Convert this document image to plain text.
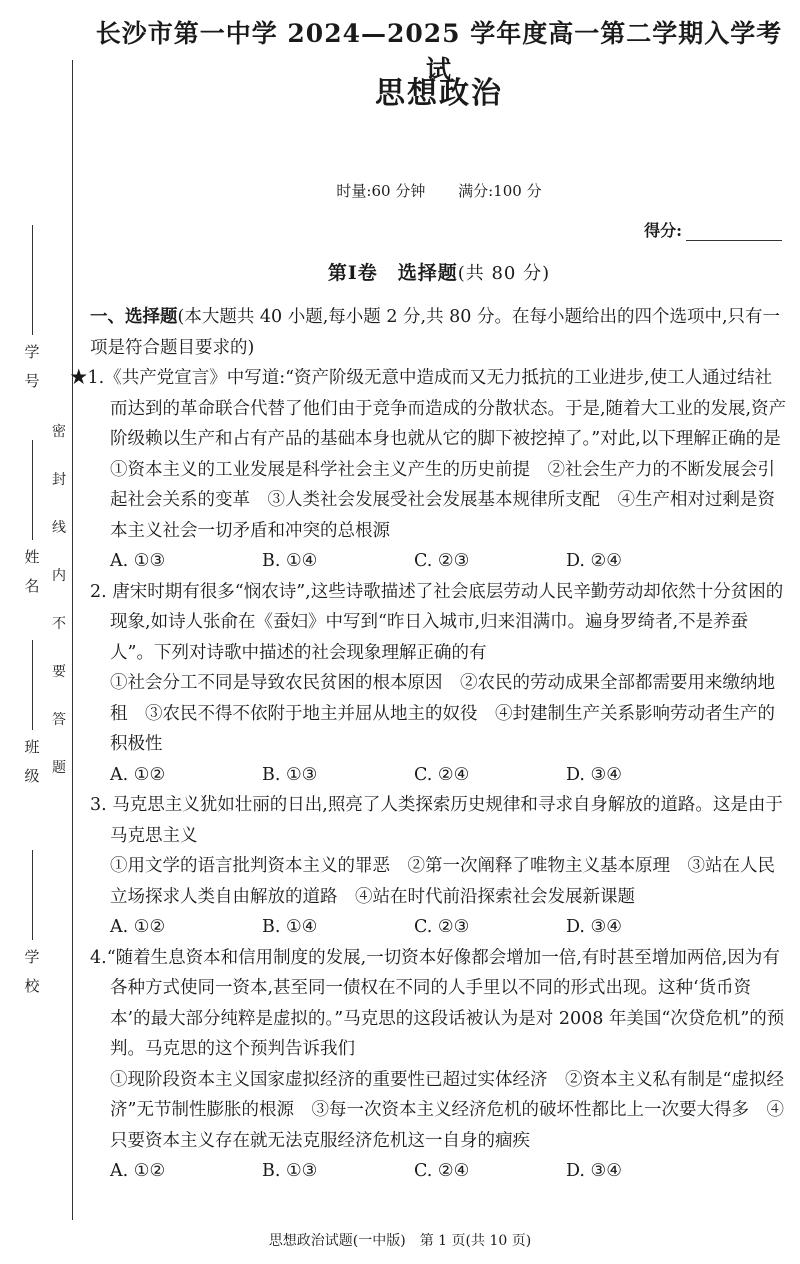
学
号
姓
名
班
级
学
校
密
封
线
内
不
要
答
题
长沙市第一中学 2024—2025 学年度高一第二学期入学考试
思想政治
时量:60 分钟 满分:100 分
得分:
第Ⅰ卷　选择题(共 80 分)

一、选择题(本大题共 40 小题,每小题 2 分,共 80 分。在每小题给出的四个选项中,只有一项是符合题目要求的)

★1.《共产党宣言》中写道:“资产阶级无意中造成而又无力抵抗的工业进步,使工人通过结社而达到的革命联合代替了他们由于竞争而造成的分散状态。于是,随着大工业的发展,资产阶级赖以生产和占有产品的基础本身也就从它的脚下被挖掉了。”对此,以下理解正确的是

①资本主义的工业发展是科学社会主义产生的历史前提　②社会生产力的不断发展会引起社会关系的变革　③人类社会发展受社会发展基本规律所支配　④生产相对过剩是资本主义社会一切矛盾和冲突的总根源

A. ①③	B. ①④	C. ②③	D. ②④

2. 唐宋时期有很多“悯农诗”,这些诗歌描述了社会底层劳动人民辛勤劳动却依然十分贫困的现象,如诗人张俞在《蚕妇》中写到“昨日入城市,归来泪满巾。遍身罗绮者,不是养蚕人”。下列对诗歌中描述的社会现象理解正确的有

①社会分工不同是导致农民贫困的根本原因　②农民的劳动成果全部都需要用来缴纳地租　③农民不得不依附于地主并屈从地主的奴役　④封建制生产关系影响劳动者生产的积极性

A. ①②	B. ①③	C. ②④	D. ③④

3. 马克思主义犹如壮丽的日出,照亮了人类探索历史规律和寻求自身解放的道路。这是由于马克思主义

①用文学的语言批判资本主义的罪恶　②第一次阐释了唯物主义基本原理　③站在人民立场探求人类自由解放的道路　④站在时代前沿探索社会发展新课题

A. ①②	B. ①④	C. ②③	D. ③④

4.“随着生息资本和信用制度的发展,一切资本好像都会增加一倍,有时甚至增加两倍,因为有各种方式使同一资本,甚至同一债权在不同的人手里以不同的形式出现。这种‘货币资本’的最大部分纯粹是虚拟的。”马克思的这段话被认为是对 2008 年美国“次贷危机”的预判。马克思的这个预判告诉我们

①现阶段资本主义国家虚拟经济的重要性已超过实体经济　②资本主义私有制是“虚拟经济”无节制性膨胀的根源　③每一次资本主义经济危机的破坏性都比上一次要大得多　④只要资本主义存在就无法克服经济危机这一自身的痼疾

A. ①②	B. ①③	C. ②④	D. ③④
思想政治试题(一中版)　第 1 页(共 10 页)
